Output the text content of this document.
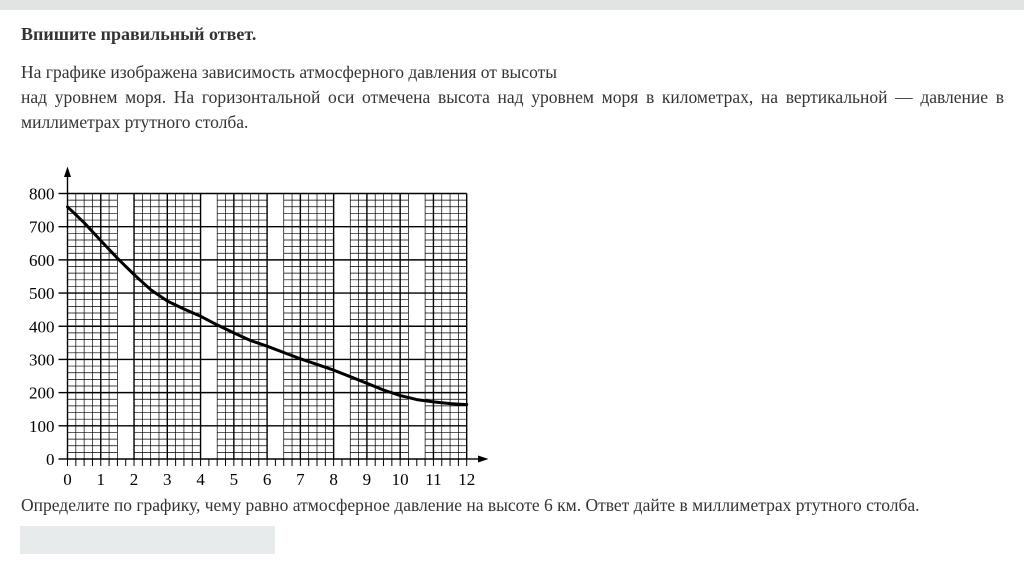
Впишите правильный ответ.
На графике изображена зависимость атмосферного давления от высоты
над уровнем моря. На горизонтальной оси отмечена высота над уровнем моря в километрах, на вертикальной — давление в
миллиметрах ртутного столба.
0
100
200
300
400
500
600
700
800
0 1 2 3 4 5 6 7 8 9 10 11 12
Определите по графику, чему равно атмосферное давление на высоте 6 км. Ответ дайте в миллиметрах ртутного столба.
